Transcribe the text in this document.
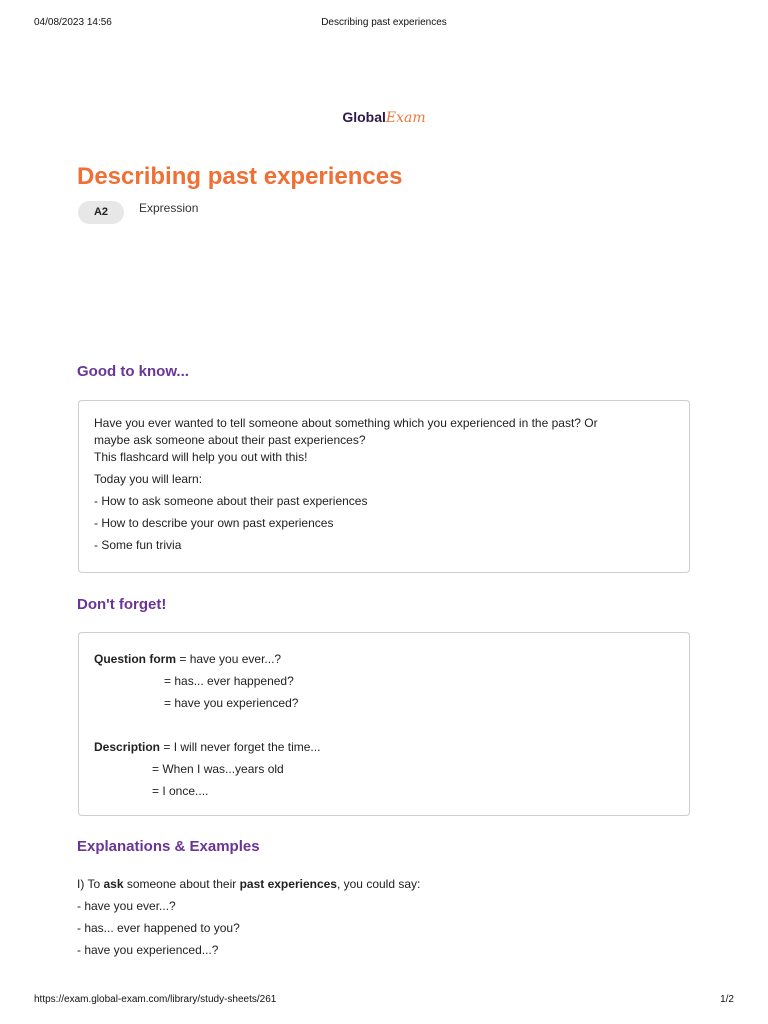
04/08/2023 14:56	Describing past experiences
GlobalExam
Describing past experiences
A2	Expression
Good to know...
Have you ever wanted to tell someone about something which you experienced in the past? Or
maybe ask someone about their past experiences?
This flashcard will help you out with this!
Today you will learn:
- How to ask someone about their past experiences
- How to describe your own past experiences
- Some fun trivia
Don't forget!
Question form = have you ever...?
= has... ever happened?
= have you experienced?
Description = I will never forget the time...
= When I was...years old
= I once....
Explanations & Examples
I) To ask someone about their past experiences, you could say:
- have you ever...?
- has... ever happened to you?
- have you experienced...?
https://exam.global-exam.com/library/study-sheets/261	1/2
